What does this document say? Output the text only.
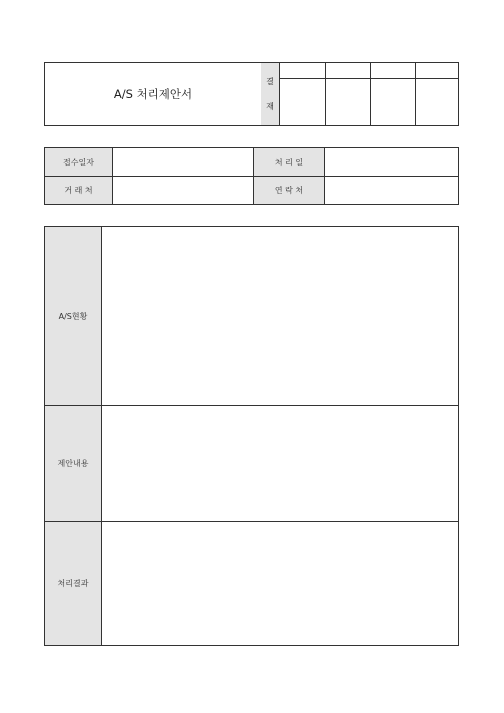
A/S 처리제안서
결
재
접수일자	처 리 일
거 래 처	연 락 처
A/S현황
제안내용
처리결과
